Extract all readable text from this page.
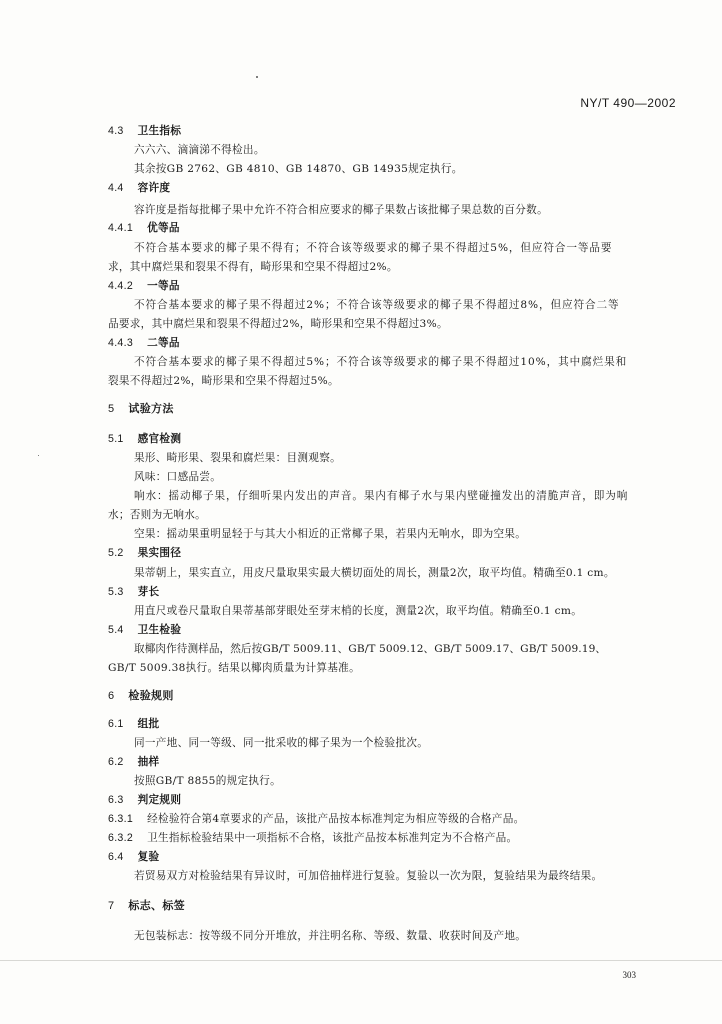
NY/T 490—2002
4.3 卫生指标
六六六、滴滴涕不得检出。
其余按GB 2762、GB 4810、GB 14870、GB 14935规定执行。
4.4 容许度
容许度是指每批椰子果中允许不符合相应要求的椰子果数占该批椰子果总数的百分数。
4.4.1 优等品
不符合基本要求的椰子果不得有；不符合该等级要求的椰子果不得超过5%，但应符合一等品要
求，其中腐烂果和裂果不得有，畸形果和空果不得超过2%。
4.4.2 一等品
不符合基本要求的椰子果不得超过2%；不符合该等级要求的椰子果不得超过8%，但应符合二等
品要求，其中腐烂果和裂果不得超过2%，畸形果和空果不得超过3%。
4.4.3 二等品
不符合基本要求的椰子果不得超过5%；不符合该等级要求的椰子果不得超过10%，其中腐烂果和
裂果不得超过2%，畸形果和空果不得超过5%。
5 试验方法
5.1 感官检测
果形、畸形果、裂果和腐烂果：目测观察。
风味：口感品尝。
响水：摇动椰子果，仔细听果内发出的声音。果内有椰子水与果内壁碰撞发出的清脆声音，即为响
水；否则为无响水。
空果：摇动果重明显轻于与其大小相近的正常椰子果，若果内无响水，即为空果。
5.2 果实围径
果蒂朝上，果实直立，用皮尺量取果实最大横切面处的周长，测量2次，取平均值。精确至0.1 cm。
5.3 芽长
用直尺或卷尺量取自果蒂基部芽眼处至芽末梢的长度，测量2次，取平均值。精确至0.1 cm。
5.4 卫生检验
取椰肉作待测样品，然后按GB/T 5009.11、GB/T 5009.12、GB/T 5009.17、GB/T 5009.19、
GB/T 5009.38执行。结果以椰肉质量为计算基准。
6 检验规则
6.1 组批
同一产地、同一等级、同一批采收的椰子果为一个检验批次。
6.2 抽样
按照GB/T 8855的规定执行。
6.3 判定规则
6.3.1 经检验符合第4章要求的产品，该批产品按本标准判定为相应等级的合格产品。
6.3.2 卫生指标检验结果中一项指标不合格，该批产品按本标准判定为不合格产品。
6.4 复验
若贸易双方对检验结果有异议时，可加倍抽样进行复验。复验以一次为限，复验结果为最终结果。
7 标志、标签
无包装标志：按等级不同分开堆放，并注明名称、等级、数量、收获时间及产地。
303
